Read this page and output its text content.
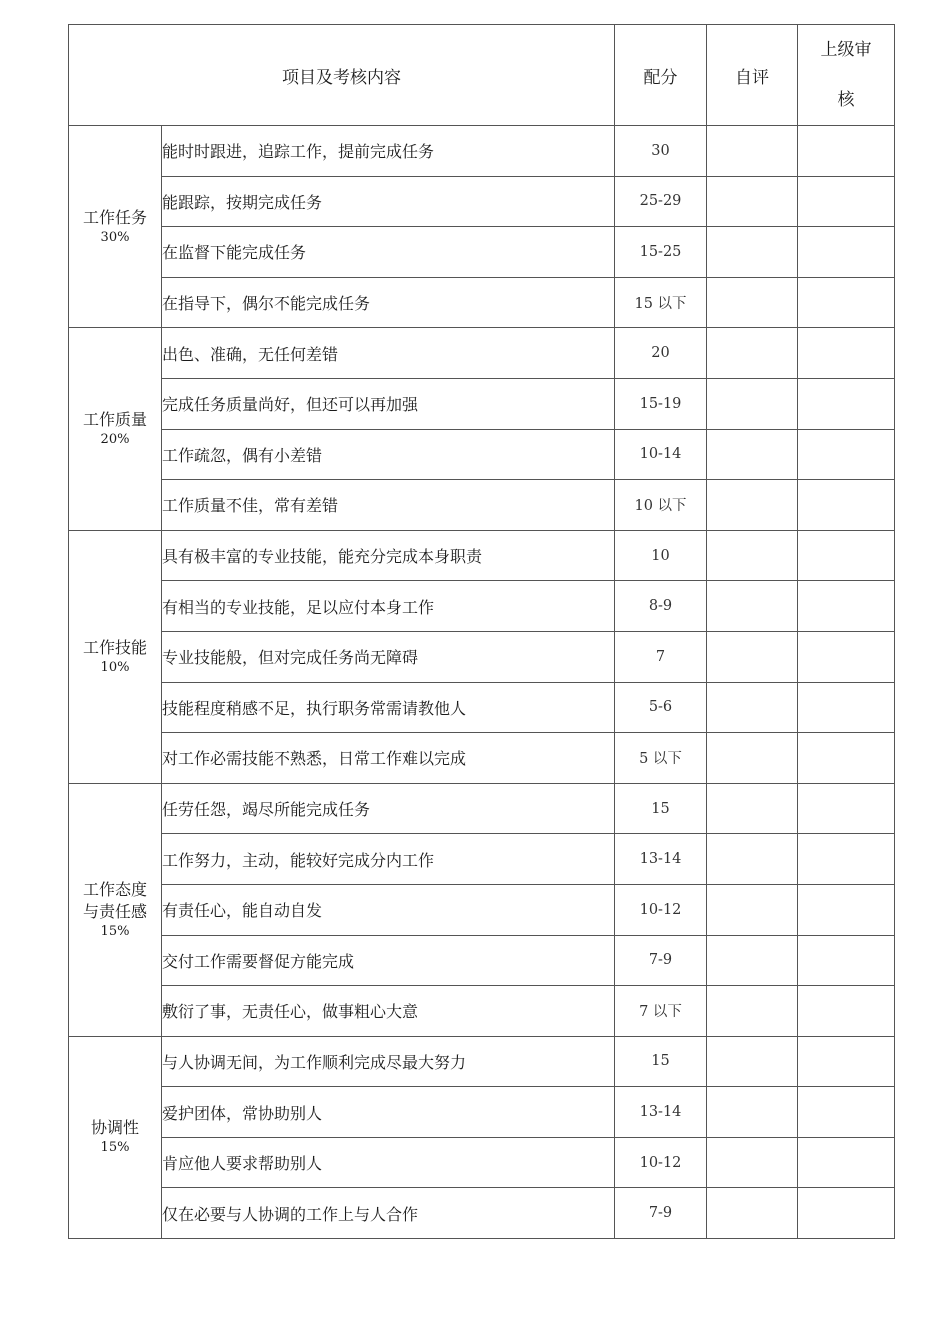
项目及考核内容		配分	自评	上级审
核
工作任务
30%	能时时跟进，追踪工作，提前完成任务	30		
	能跟踪，按期完成任务	25-29		
	在监督下能完成任务	15-25		
	在指导下，偶尔不能完成任务	15 以下		
工作质量
20%	出色、准确，无任何差错	20		
	完成任务质量尚好，但还可以再加强	15-19		
	工作疏忽，偶有小差错	10-14		
	工作质量不佳，常有差错	10 以下		
工作技能
10%	具有极丰富的专业技能，能充分完成本身职责	10		
	有相当的专业技能，足以应付本身工作	8-9		
	专业技能般，但对完成任务尚无障碍	7		
	技能程度稍感不足，执行职务常需请教他人	5-6		
	对工作必需技能不熟悉，日常工作难以完成	5 以下		
工作态度
与责任感
15%	任劳任怨，竭尽所能完成任务	15		
	工作努力，主动，能较好完成分内工作	13-14		
	有责任心，能自动自发	10-12		
	交付工作需要督促方能完成	7-9		
	敷衍了事，无责任心，做事粗心大意	7 以下		
协调性
15%	与人协调无间，为工作顺利完成尽最大努力	15		
	爱护团体，常协助别人	13-14		
	肯应他人要求帮助别人	10-12		
	仅在必要与人协调的工作上与人合作	7-9		
